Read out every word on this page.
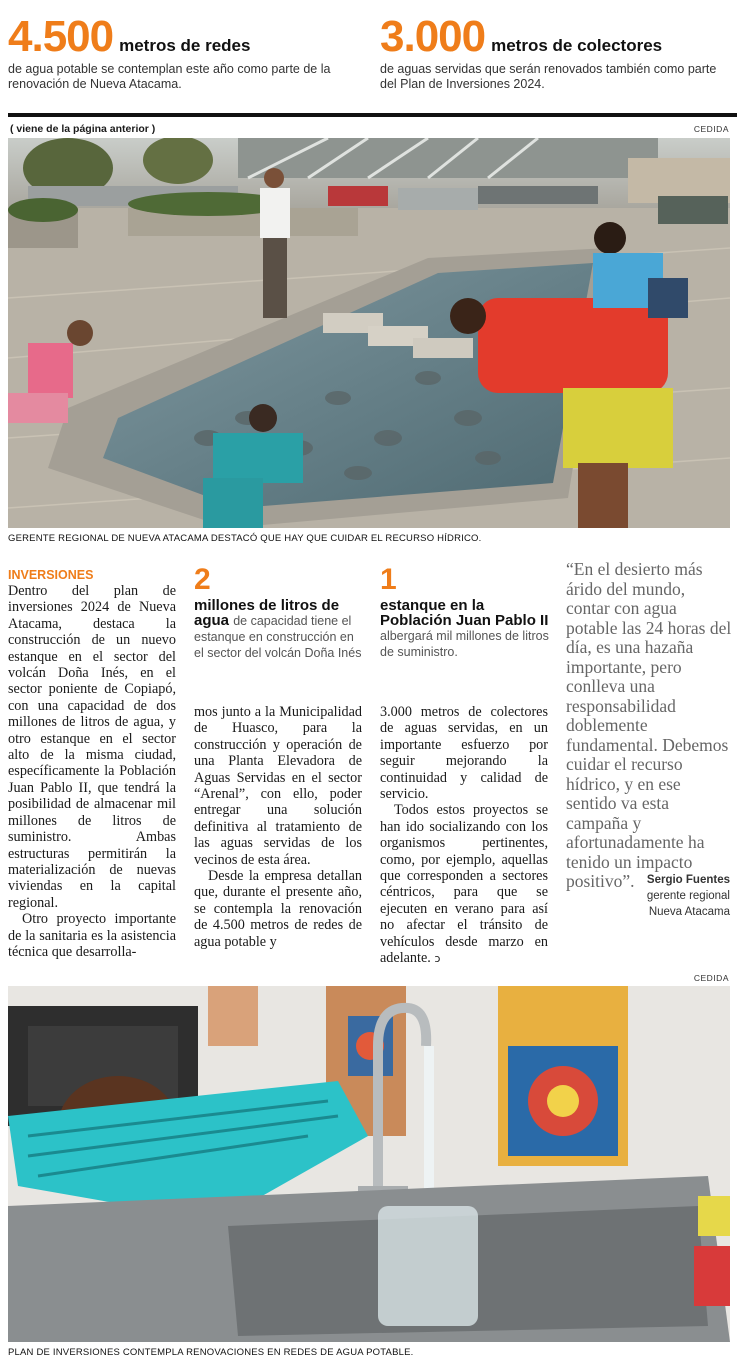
4.500 metros de redes
de agua potable se contemplan este año como parte de la renovación de Nueva Atacama.
3.000 metros de colectores
de aguas servidas que serán renovados también como parte del Plan de Inversiones 2024.
( viene de la página anterior )	CEDIDA
GERENTE REGIONAL DE NUEVA ATACAMA DESTACÓ QUE HAY QUE CUIDAR EL RECURSO HÍDRICO.
INVERSIONES

Dentro del plan de inversiones 2024 de Nueva Atacama, destaca la construcción de un nuevo estanque en el sector del volcán Doña Inés, en el sector poniente de Copiapó, con una capacidad de dos millones de litros de agua, y otro estanque en el sector alto de la misma ciudad, específicamente la Población Juan Pablo II, que tendrá la posibilidad de almacenar mil millones de litros de suministro. Ambas estructuras permitirán la materialización de nuevas viviendas en la capital regional.

Otro proyecto importante de la sanitaria es la asistencia técnica que desarrolla-

2
millones de litros de agua de capacidad tiene el estanque en construcción en el sector del volcán Doña Inés

mos junto a la Municipalidad de Huasco, para la construcción y operación de una Planta Elevadora de Aguas Servidas en el sector “Arenal”, con ello, poder entregar una solución definitiva al tratamiento de las aguas servidas de los vecinos de esta área.

Desde la empresa detallan que, durante el presente año, se contempla la renovación de 4.500 metros de redes de agua potable y

1
estanque en la Población Juan Pablo II albergará mil millones de litros de suministro.

3.000 metros de colectores de aguas servidas, en un importante esfuerzo por seguir mejorando la continuidad y calidad de servicio.

Todos estos proyectos se han ido socializando con los organismos pertinentes, como, por ejemplo, aquellas que corresponden a sectores céntricos, para que se ejecuten en verano para así no afectar el tránsito de vehículos desde marzo en adelante. ↄ

“En el desierto más árido del mundo, contar con agua potable las 24 horas del día, es una hazaña importante, pero conlleva una responsabilidad doblemente fundamental. Debemos cuidar el recurso hídrico, y en ese sentido va esta campaña y afortunadamente ha tenido un impacto positivo”.	Sergio Fuentes
gerente regional
Nueva Atacama
CEDIDA
PLAN DE INVERSIONES CONTEMPLA RENOVACIONES EN REDES DE AGUA POTABLE.
